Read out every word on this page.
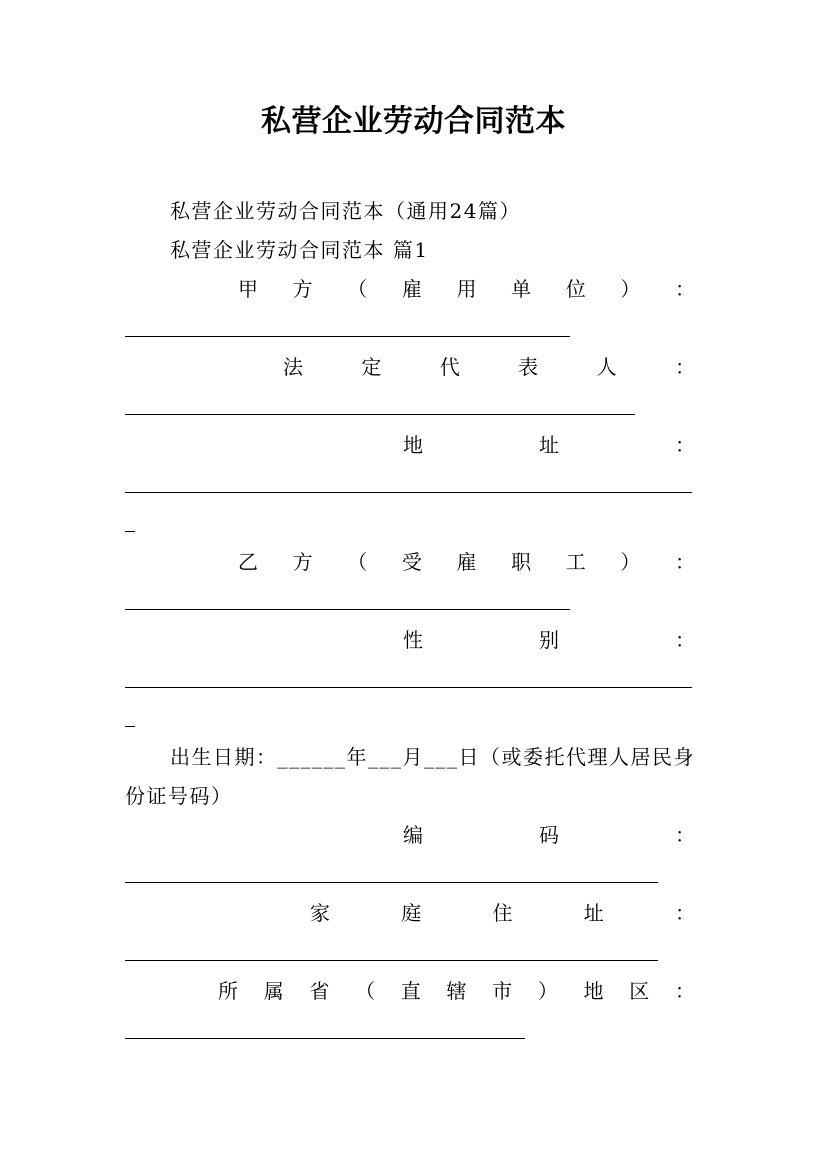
私营企业劳动合同范本
私营企业劳动合同范本（通用24篇）
私营企业劳动合同范本 篇1
甲 方 （ 雇 用 单 位 ） ：
法	定	代	表	人	：
地	址	：
乙 方 （ 受 雇 职 工 ） ：
性	别	：
出生日期：______年___月___日（或委托代理人居民身
份证号码）
编	码	：
家	庭	住	址	：
所 属 省 （ 直 辖 市 ） 地 区 ：
